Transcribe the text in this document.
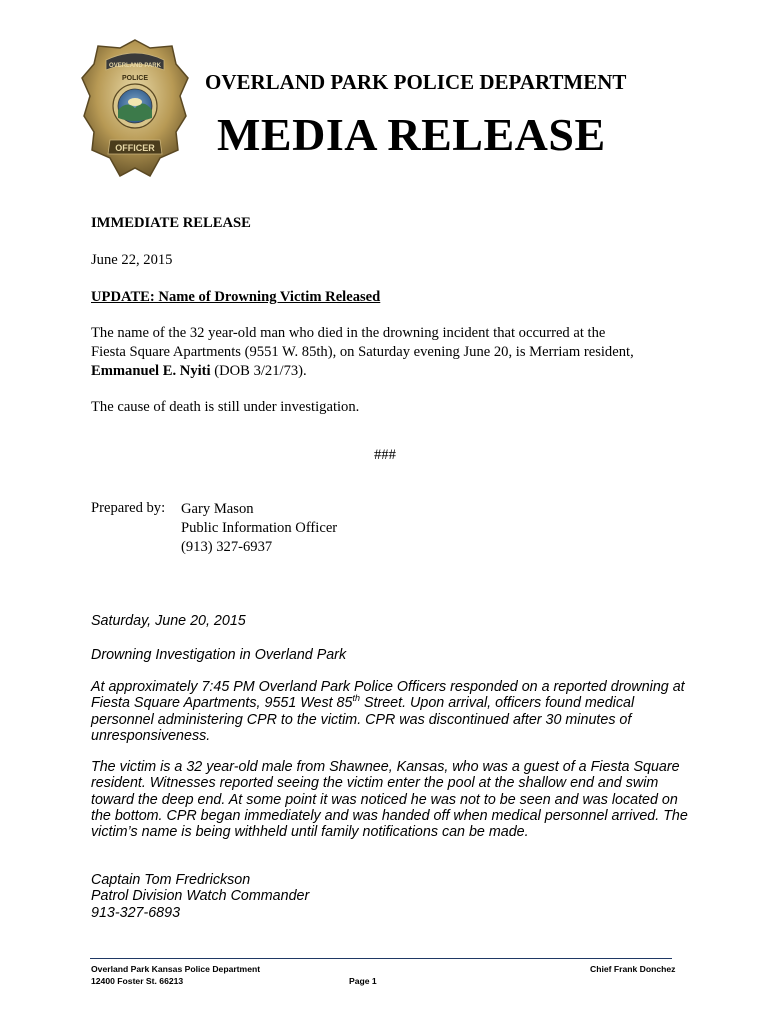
OVERLAND PARK
POLICE
OFFICER
OVERLAND PARK POLICE DEPARTMENT
MEDIA RELEASE
IMMEDIATE RELEASE
June 22, 2015
UPDATE: Name of Drowning Victim Released
The name of the 32 year-old man who died in the drowning incident that occurred at the
Fiesta Square Apartments (9551 W. 85th), on Saturday evening June 20, is Merriam resident,
Emmanuel E. Nyiti (DOB 3/21/73).
The cause of death is still under investigation.
###
Prepared by: Gary Mason
Public Information Officer
(913) 327-6937
Saturday, June 20, 2015
Drowning Investigation in Overland Park
At approximately 7:45 PM Overland Park Police Officers responded on a reported drowning at
Fiesta Square Apartments, 9551 West 85th Street. Upon arrival, officers found medical
personnel administering CPR to the victim. CPR was discontinued after 30 minutes of
unresponsiveness.
The victim is a 32 year-old male from Shawnee, Kansas, who was a guest of a Fiesta Square
resident. Witnesses reported seeing the victim enter the pool at the shallow end and swim
toward the deep end. At some point it was noticed he was not to be seen and was located on
the bottom. CPR began immediately and was handed off when medical personnel arrived. The
victim’s name is being withheld until family notifications can be made.
Captain Tom Fredrickson
Patrol Division Watch Commander
913-327-6893
Overland Park Kansas Police Department
12400 Foster St. 66213	Page 1
Chief Frank Donchez
